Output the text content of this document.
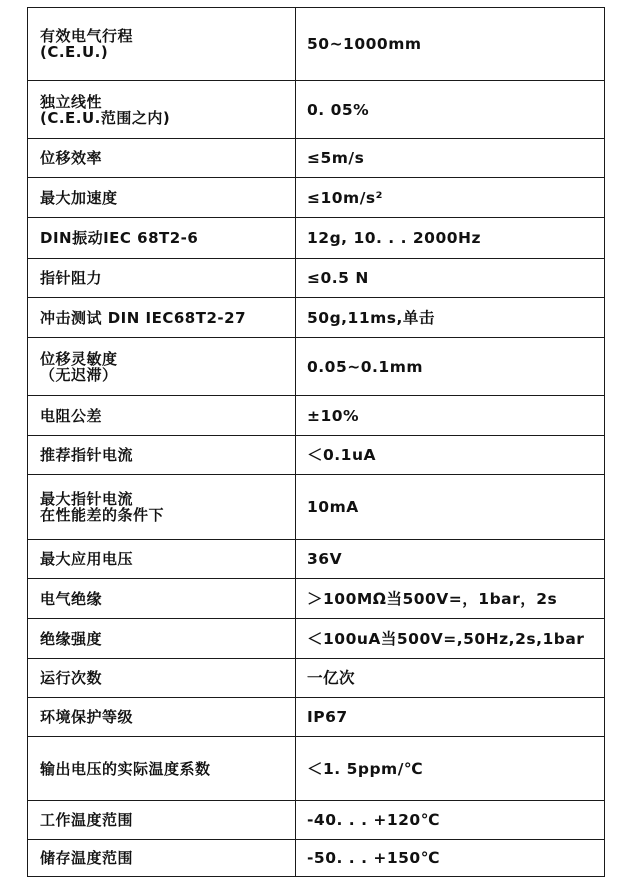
有效电气行程
(C.E.U.)	50~1000mm

独立线性
(C.E.U.范围之内)	0. 05%

位移效率	≤5m/s

最大加速度	≤10m/s²

DIN振动IEC 68T2-6	12g, 10. . . 2000Hz

指针阻力	≤0.5 N

冲击测试 DIN IEC68T2-27	50g,11ms,单击

位移灵敏度
（无迟滞）	0.05~0.1mm

电阻公差	±10%

推荐指针电流	＜0.1uA

最大指针电流
在性能差的条件下	10mA

最大应用电压	36V

电气绝缘	＞100MΩ当500V=，1bar，2s

绝缘强度	＜100uA当500V=,50Hz,2s,1bar

运行次数	一亿次

环境保护等级	IP67

输出电压的实际温度系数	＜1. 5ppm/℃

工作温度范围	-40. . . +120℃

储存温度范围	-50. . . +150℃
